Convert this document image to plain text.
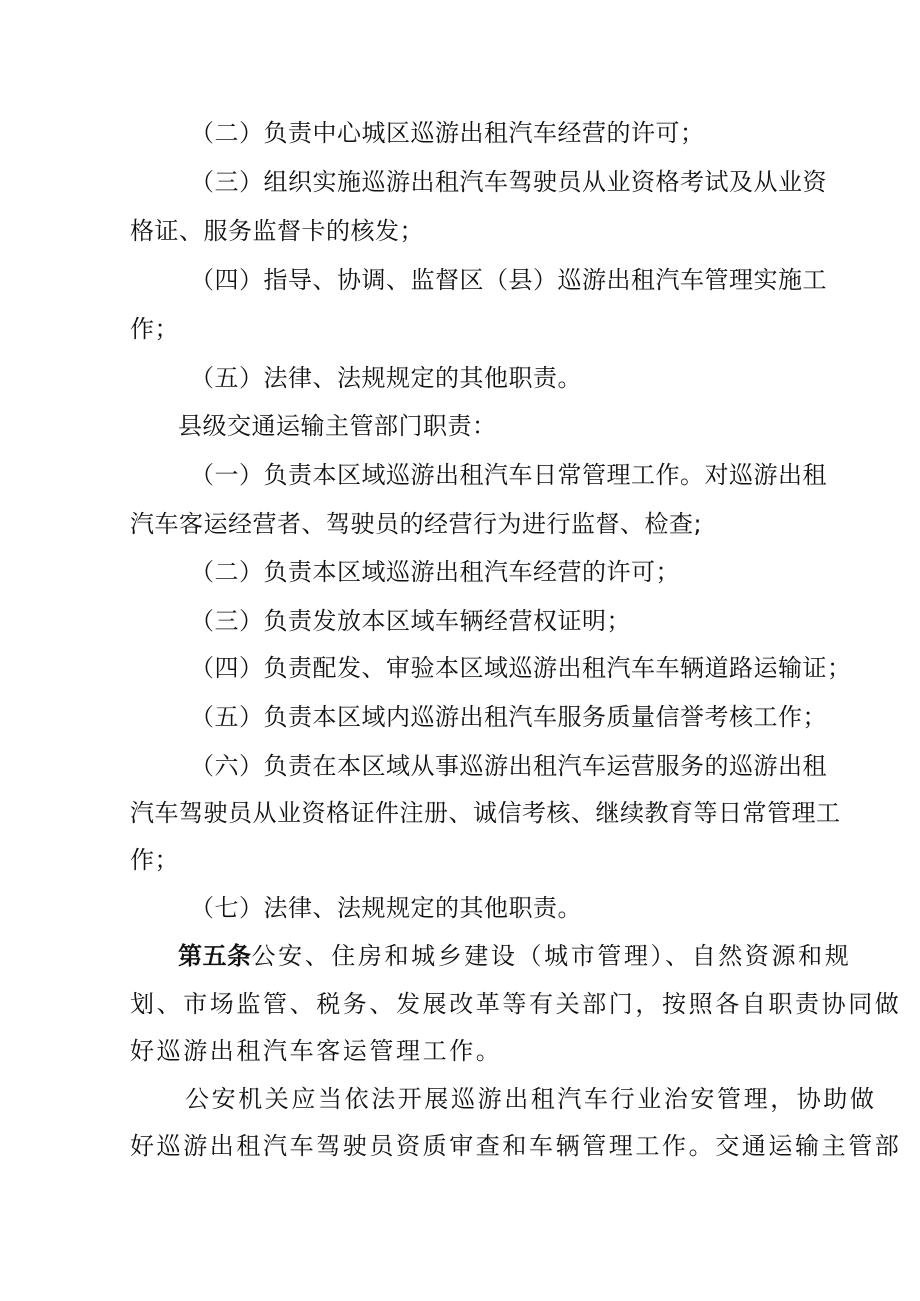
（二）负责中心城区巡游出租汽车经营的许可；

（三）组织实施巡游出租汽车驾驶员从业资格考试及从业资

格证、服务监督卡的核发；

（四）指导、协调、监督区（县）巡游出租汽车管理实施工

作；

（五）法律、法规规定的其他职责。

县级交通运输主管部门职责：

（一）负责本区域巡游出租汽车日常管理工作。对巡游出租

汽车客运经营者、驾驶员的经营行为进行监督、检查;

（二）负责本区域巡游出租汽车经营的许可；

（三）负责发放本区域车辆经营权证明；

（四）负责配发、审验本区域巡游出租汽车车辆道路运输证；

（五）负责本区域内巡游出租汽车服务质量信誉考核工作；

（六）负责在本区域从事巡游出租汽车运营服务的巡游出租

汽车驾驶员从业资格证件注册、诚信考核、继续教育等日常管理工

作；

（七）法律、法规规定的其他职责。

第五条公安、住房和城乡建设（城市管理）、自然资源和规

划、市场监管、税务、发展改革等有关部门，按照各自职责协同做

好巡游出租汽车客运管理工作。

公安机关应当依法开展巡游出租汽车行业治安管理，协助做

好巡游出租汽车驾驶员资质审查和车辆管理工作。交通运输主管部
